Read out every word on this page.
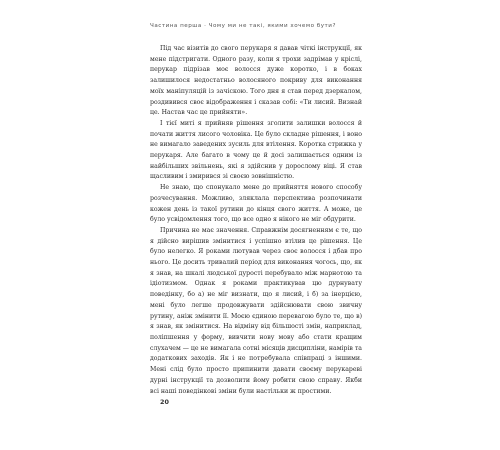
Частина перша · Чому ми не такі, якими хочемо бути?

Під час візитів до свого перукаря я давав чіткі інструкції, як мене підстригати. Одного разу, коли я трохи задрімав у кріслі, перукар підрізав моє волосся дуже коротко, і в боках залишилося недостатньо волосяного покриву для виконання моїх маніпуляцій із зачіскою. Того дня я став перед дзеркалом, роздивився своє відображення і сказав собі: «Ти лисий. Визнай це. Настав час це прийняти».

І тієї миті я прийняв рішення зголити залишки волосся й почати життя лисого чоловіка. Це було складне рішення, і воно не вимагало заведених зусиль для втілення. Коротка стрижка у перукаря. Але багато в чому це й досі залишається одним із найбільших звільнень, які я здійснив у дорослому віці. Я став щасливим і змирився зі своєю зовнішністю.

Не знаю, що спонукало мене до прийняття нового способу розчесування. Можливо, зляклала перспектива розпочинати кожен день із такої рутини до кінця свого життя. А може, це було усвідомлення того, що все одно я нікого не міг обдурити.

Причина не має значення. Справжнім досягненням є те, що я дійсно вирішив змінитися і успішно втілив це рішення. Це було нелегко. Я роками лютував через своє волосся і дбав про нього. Це досить тривалий період для виконання чогось, що, як я знав, на шкалі людської дурості перебувало між марнотою та ідіотизмом. Однак я роками практикував цю дурнувату поведінку, бо а) не міг визнати, що я лисий, і б) за інерцією, мені було легше продовжувати здійснювати свою звичну рутину, аніж змінити її. Моєю єдиною перевагою було те, що в) я знав, як змінитися. На відміну від більшості змін, наприклад, поліпшення у форму, вивчити нову мову або стати кращим слухачем — це не вимагала сотні місяців дисципліни, намірів та додаткових заходів. Як і не потребувала співпраці з іншими. Мені слід було просто припинити давати своєму перукареві дурні інструкції та дозволити йому робити свою справу. Якби всі наші поведінкові зміни були настільки ж простими.

20
